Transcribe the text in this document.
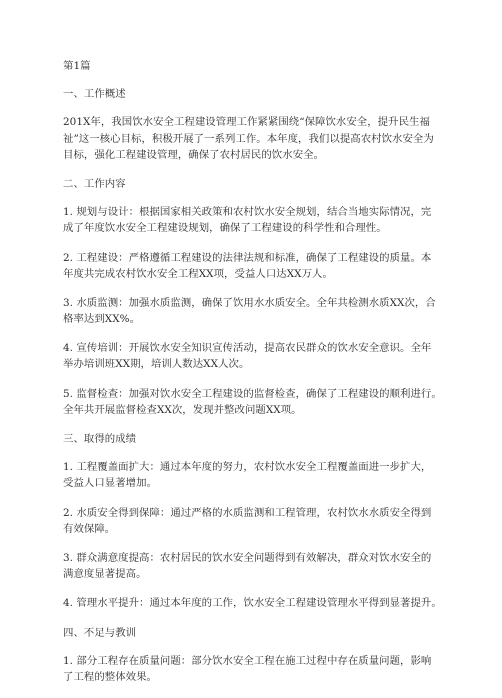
第1篇
一、工作概述
201X年，我国饮水安全工程建设管理工作紧紧围绕“保障饮水安全，提升民生福
祉”这一核心目标，积极开展了一系列工作。本年度，我们以提高农村饮水安全为
目标，强化工程建设管理，确保了农村居民的饮水安全。
二、工作内容
1. 规划与设计：根据国家相关政策和农村饮水安全规划，结合当地实际情况，完
成了年度饮水安全工程建设规划，确保了工程建设的科学性和合理性。
2. 工程建设：严格遵循工程建设的法律法规和标准，确保了工程建设的质量。本
年度共完成农村饮水安全工程XX项，受益人口达XX万人。
3. 水质监测：加强水质监测，确保了饮用水水质安全。全年共检测水质XX次，合
格率达到XX%。
4. 宣传培训：开展饮水安全知识宣传活动，提高农民群众的饮水安全意识。全年
举办培训班XX期，培训人数达XX人次。
5. 监督检查：加强对饮水安全工程建设的监督检查，确保了工程建设的顺利进行。
全年共开展监督检查XX次，发现并整改问题XX项。
三、取得的成绩
1. 工程覆盖面扩大：通过本年度的努力，农村饮水安全工程覆盖面进一步扩大，
受益人口显著增加。
2. 水质安全得到保障：通过严格的水质监测和工程管理，农村饮水水质安全得到
有效保障。
3. 群众满意度提高：农村居民的饮水安全问题得到有效解决，群众对饮水安全的
满意度显著提高。
4. 管理水平提升：通过本年度的工作，饮水安全工程建设管理水平得到显著提升。
四、不足与教训
1. 部分工程存在质量问题：部分饮水安全工程在施工过程中存在质量问题，影响
了工程的整体效果。
